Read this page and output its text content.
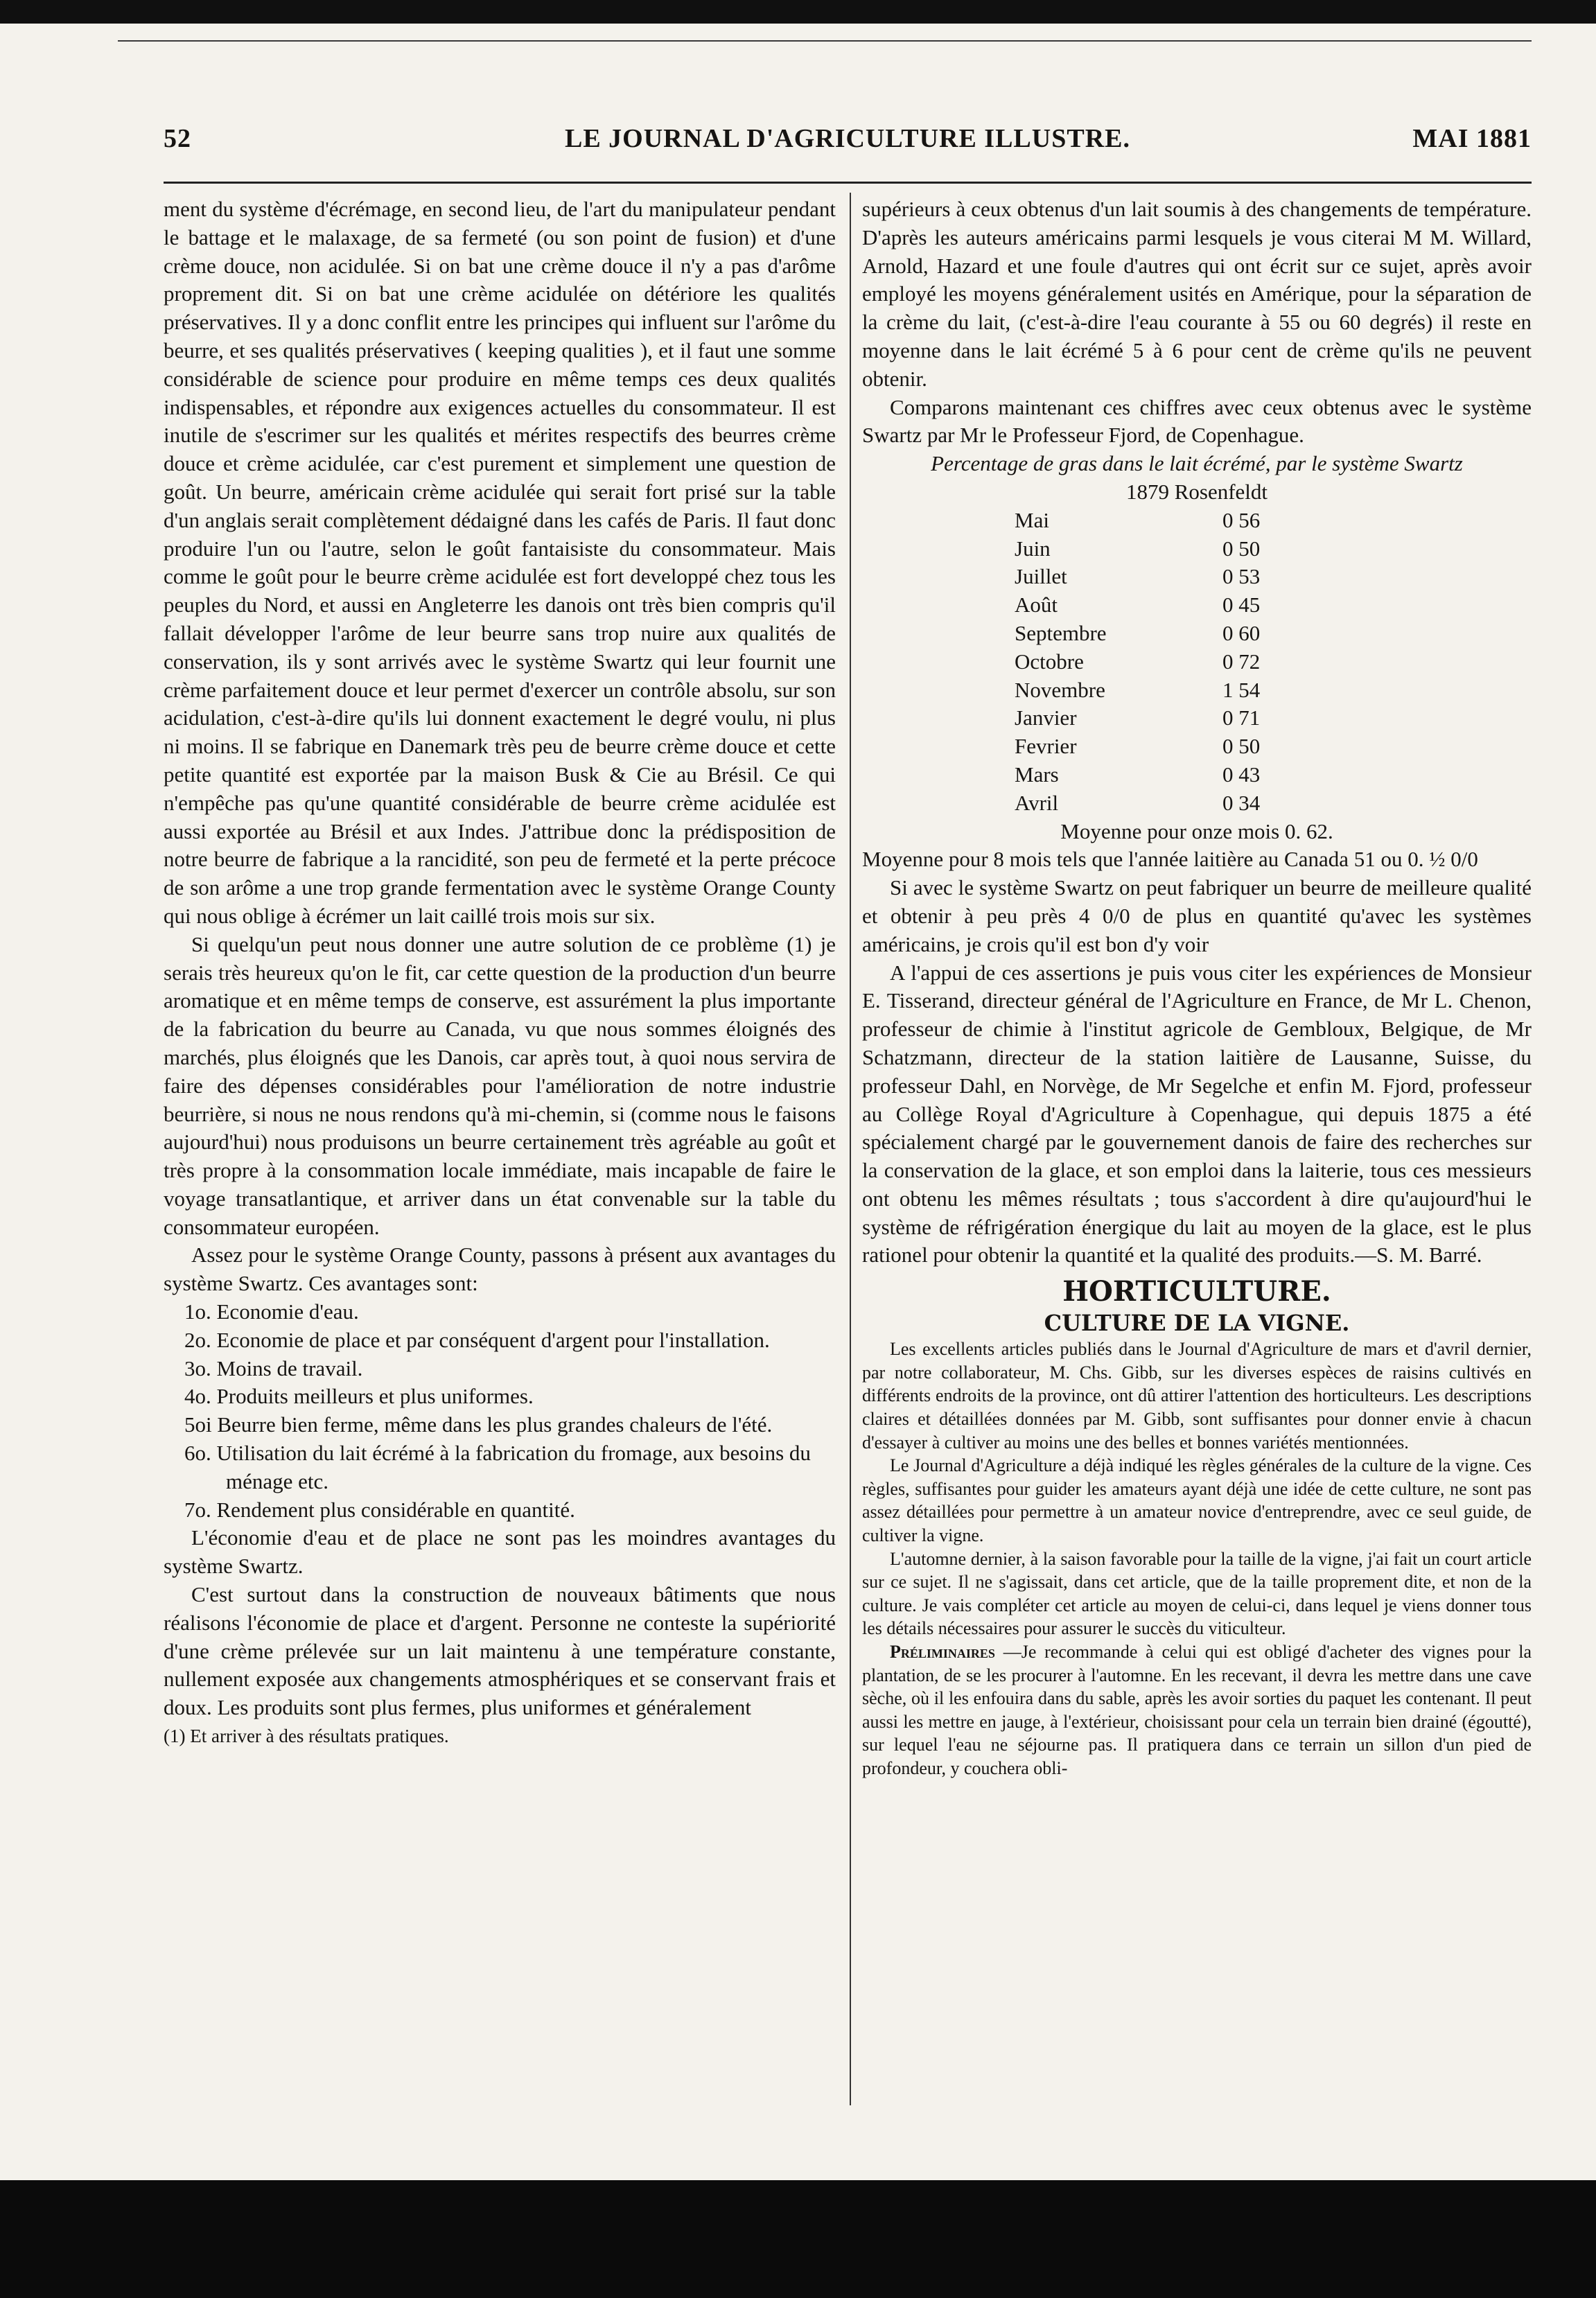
52	LE JOURNAL D'AGRICULTURE ILLUSTRE.	MAI 1881

ment du système d'écrémage, en second lieu, de l'art du manipulateur pendant le battage et le malaxage, de sa fermeté (ou son point de fusion) et d'une crème douce, non acidulée. Si on bat une crème douce il n'y a pas d'arôme proprement dit. Si on bat une crème acidulée on détériore les qualités préservatives. Il y a donc conflit entre les principes qui influent sur l'arôme du beurre, et ses qualités préservatives ( keeping qualities ), et il faut une somme considérable de science pour produire en même temps ces deux qualités indispensables, et répondre aux exigences actuelles du consommateur. Il est inutile de s'escrimer sur les qualités et mérites respectifs des beurres crème douce et crème acidulée, car c'est purement et simplement une question de goût. Un beurre, américain crème acidulée qui serait fort prisé sur la table d'un anglais serait complètement dédaigné dans les cafés de Paris. Il faut donc produire l'un ou l'autre, selon le goût fantaisiste du consommateur. Mais comme le goût pour le beurre crème acidulée est fort developpé chez tous les peuples du Nord, et aussi en Angleterre les danois ont très bien compris qu'il fallait développer l'arôme de leur beurre sans trop nuire aux qualités de conservation, ils y sont arrivés avec le système Swartz qui leur fournit une crème parfaitement douce et leur permet d'exercer un contrôle absolu, sur son acidulation, c'est-à-dire qu'ils lui donnent exactement le degré voulu, ni plus ni moins. Il se fabrique en Danemark très peu de beurre crème douce et cette petite quantité est exportée par la maison Busk & Cie au Brésil. Ce qui n'empêche pas qu'une quantité considérable de beurre crème acidulée est aussi exportée au Brésil et aux Indes. J'attribue donc la prédisposition de notre beurre de fabrique a la rancidité, son peu de fermeté et la perte précoce de son arôme a une trop grande fermentation avec le système Orange County qui nous oblige à écrémer un lait caillé trois mois sur six.

Si quelqu'un peut nous donner une autre solution de ce problème (1) je serais très heureux qu'on le fit, car cette question de la production d'un beurre aromatique et en même temps de conserve, est assurément la plus importante de la fabrication du beurre au Canada, vu que nous sommes éloignés des marchés, plus éloignés que les Danois, car après tout, à quoi nous servira de faire des dépenses considérables pour l'amélioration de notre industrie beurrière, si nous ne nous rendons qu'à mi-chemin, si (comme nous le faisons aujourd'hui) nous produisons un beurre certainement très agréable au goût et très propre à la consommation locale immédiate, mais incapable de faire le voyage transatlantique, et arriver dans un état convenable sur la table du consommateur européen.

Assez pour le système Orange County, passons à présent aux avantages du système Swartz. Ces avantages sont:

1o. Economie d'eau.
2o. Economie de place et par conséquent d'argent pour l'installation.
3o. Moins de travail.
4o. Produits meilleurs et plus uniformes.
5oi Beurre bien ferme, même dans les plus grandes chaleurs de l'été.
6o. Utilisation du lait écrémé à la fabrication du fromage, aux besoins du ménage etc.
7o. Rendement plus considérable en quantité.

L'économie d'eau et de place ne sont pas les moindres avantages du système Swartz.

C'est surtout dans la construction de nouveaux bâtiments que nous réalisons l'économie de place et d'argent. Personne ne conteste la supériorité d'une crème prélevée sur un lait maintenu à une température constante, nullement exposée aux changements atmosphériques et se conservant frais et doux. Les produits sont plus fermes, plus uniformes et généralement

(1) Et arriver à des résultats pratiques.

supérieurs à ceux obtenus d'un lait soumis à des changements de température. D'après les auteurs américains parmi lesquels je vous citerai M M. Willard, Arnold, Hazard et une foule d'autres qui ont écrit sur ce sujet, après avoir employé les moyens généralement usités en Amérique, pour la séparation de la crème du lait, (c'est-à-dire l'eau courante à 55 ou 60 degrés) il reste en moyenne dans le lait écrémé 5 à 6 pour cent de crème qu'ils ne peuvent obtenir.

Comparons maintenant ces chiffres avec ceux obtenus avec le système Swartz par Mr le Professeur Fjord, de Copenhague.

Percentage de gras dans le lait écrémé, par le système Swartz

1879 Rosenfeldt

Mai	0 56
Juin	0 50
Juillet	0 53
Août	0 45
Septembre	0 60
Octobre	0 72
Novembre	1 54
Janvier	0 71
Fevrier	0 50
Mars	0 43
Avril	0 34

Moyenne pour onze mois 0. 62.

Moyenne pour 8 mois tels que l'année laitière au Canada 51 ou 0. ½ 0/0

Si avec le système Swartz on peut fabriquer un beurre de meilleure qualité et obtenir à peu près 4 0/0 de plus en quantité qu'avec les systèmes américains, je crois qu'il est bon d'y voir

A l'appui de ces assertions je puis vous citer les expériences de Monsieur E. Tisserand, directeur général de l'Agriculture en France, de Mr L. Chenon, professeur de chimie à l'institut agricole de Gembloux, Belgique, de Mr Schatzmann, directeur de la station laitière de Lausanne, Suisse, du professeur Dahl, en Norvège, de Mr Segelche et enfin M. Fjord, professeur au Collège Royal d'Agriculture à Copenhague, qui depuis 1875 a été spécialement chargé par le gouvernement danois de faire des recherches sur la conservation de la glace, et son emploi dans la laiterie, tous ces messieurs ont obtenu les mêmes résultats ; tous s'accordent à dire qu'aujourd'hui le système de réfrigération énergique du lait au moyen de la glace, est le plus rationel pour obtenir la quantité et la qualité des produits.—S. M. Barré.

HORTICULTURE.
CULTURE DE LA VIGNE.

Les excellents articles publiés dans le Journal d'Agriculture de mars et d'avril dernier, par notre collaborateur, M. Chs. Gibb, sur les diverses espèces de raisins cultivés en différents endroits de la province, ont dû attirer l'attention des horticulteurs. Les descriptions claires et détaillées données par M. Gibb, sont suffisantes pour donner envie à chacun d'essayer à cultiver au moins une des belles et bonnes variétés mentionnées.

Le Journal d'Agriculture a déjà indiqué les règles générales de la culture de la vigne. Ces règles, suffisantes pour guider les amateurs ayant déjà une idée de cette culture, ne sont pas assez détaillées pour permettre à un amateur novice d'entreprendre, avec ce seul guide, de cultiver la vigne.

L'automne dernier, à la saison favorable pour la taille de la vigne, j'ai fait un court article sur ce sujet. Il ne s'agissait, dans cet article, que de la taille proprement dite, et non de la culture. Je vais compléter cet article au moyen de celui-ci, dans lequel je viens donner tous les détails nécessaires pour assurer le succès du viticulteur.

Préliminaires —Je recommande à celui qui est obligé d'acheter des vignes pour la plantation, de se les procurer à l'automne. En les recevant, il devra les mettre dans une cave sèche, où il les enfouira dans du sable, après les avoir sorties du paquet les contenant. Il peut aussi les mettre en jauge, à l'extérieur, choisissant pour cela un terrain bien drainé (égoutté), sur lequel l'eau ne séjourne pas. Il pratiquera dans ce terrain un sillon d'un pied de profondeur, y couchera obli-
